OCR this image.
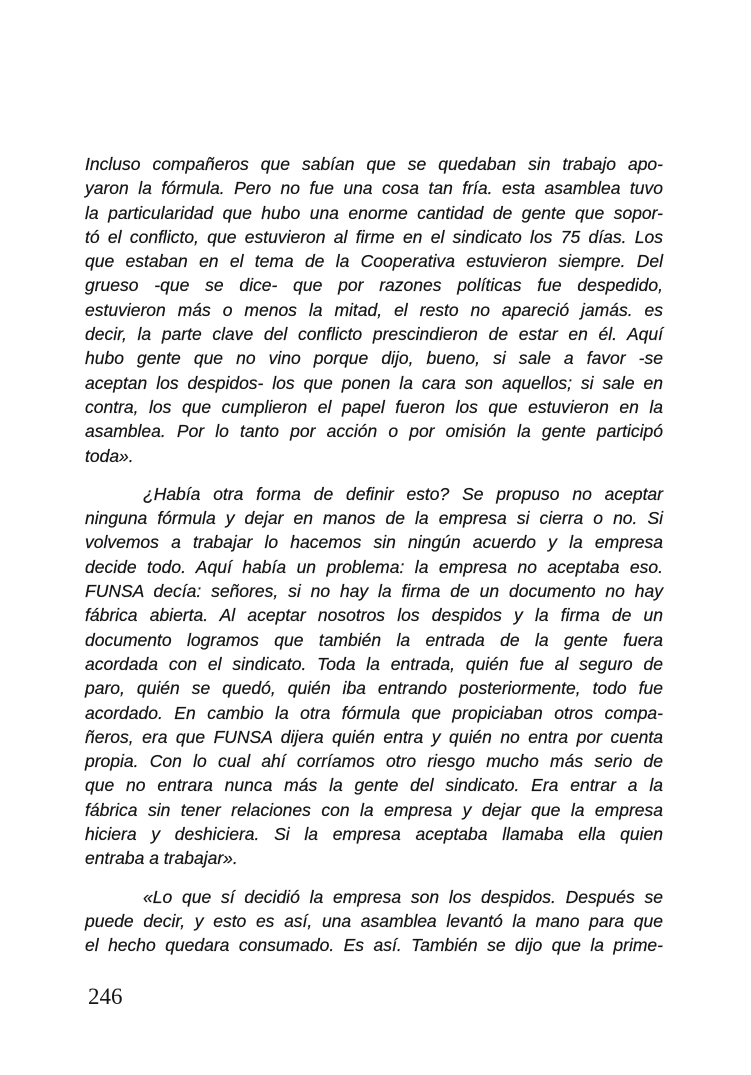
Incluso compañeros que sabían que se quedaban sin trabajo apo-
yaron la fórmula. Pero no fue una cosa tan fría. esta asamblea tuvo
la particularidad que hubo una enorme cantidad de gente que sopor-
tó el conflicto, que estuvieron al firme en el sindicato los 75 días. Los
que estaban en el tema de la Cooperativa estuvieron siempre. Del
grueso -que se dice- que por razones políticas fue despedido,
estuvieron más o menos la mitad, el resto no apareció jamás. es
decir, la parte clave del conflicto prescindieron de estar en él. Aquí
hubo gente que no vino porque dijo, bueno, si sale a favor -se
aceptan los despidos- los que ponen la cara son aquellos; si sale en
contra, los que cumplieron el papel fueron los que estuvieron en la
asamblea. Por lo tanto por acción o por omisión la gente participó
toda».
¿Había otra forma de definir esto? Se propuso no aceptar
ninguna fórmula y dejar en manos de la empresa si cierra o no. Si
volvemos a trabajar lo hacemos sin ningún acuerdo y la empresa
decide todo. Aquí había un problema: la empresa no aceptaba eso.
FUNSA decía: señores, si no hay la firma de un documento no hay
fábrica abierta. Al aceptar nosotros los despidos y la firma de un
documento logramos que también la entrada de la gente fuera
acordada con el sindicato. Toda la entrada, quién fue al seguro de
paro, quién se quedó, quién iba entrando posteriormente, todo fue
acordado. En cambio la otra fórmula que propiciaban otros compa-
ñeros, era que FUNSA dijera quién entra y quién no entra por cuenta
propia. Con lo cual ahí corríamos otro riesgo mucho más serio de
que no entrara nunca más la gente del sindicato. Era entrar a la
fábrica sin tener relaciones con la empresa y dejar que la empresa
hiciera y deshiciera. Si la empresa aceptaba llamaba ella quien
entraba a trabajar».
«Lo que sí decidió la empresa son los despidos. Después se
puede decir, y esto es así, una asamblea levantó la mano para que
el hecho quedara consumado. Es así. También se dijo que la prime-
246
